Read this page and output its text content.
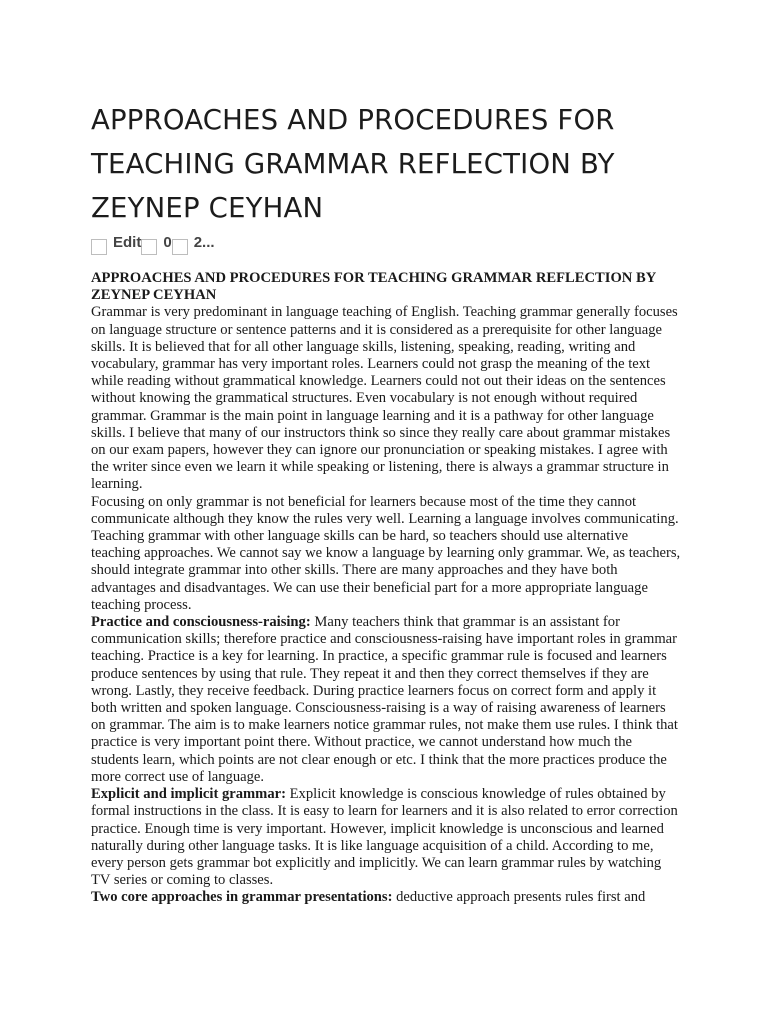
APPROACHES AND PROCEDURES FOR TEACHING GRAMMAR REFLECTION BY ZEYNEP CEYHAN
Edit 0 2...

APPROACHES AND PROCEDURES FOR TEACHING GRAMMAR REFLECTION BY ZEYNEP CEYHAN

Grammar is very predominant in language teaching of English. Teaching grammar generally focuses on language structure or sentence patterns and it is considered as a prerequisite for other language skills. It is believed that for all other language skills, listening, speaking, reading, writing and vocabulary, grammar has very important roles. Learners could not grasp the meaning of the text while reading without grammatical knowledge. Learners could not out their ideas on the sentences without knowing the grammatical structures. Even vocabulary is not enough without required grammar. Grammar is the main point in language learning and it is a pathway for other language skills. I believe that many of our instructors think so since they really care about grammar mistakes on our exam papers, however they can ignore our pronunciation or speaking mistakes. I agree with the writer since even we learn it while speaking or listening, there is always a grammar structure in learning.

Focusing on only grammar is not beneficial for learners because most of the time they cannot communicate although they know the rules very well. Learning a language involves communicating. Teaching grammar with other language skills can be hard, so teachers should use alternative teaching approaches. We cannot say we know a language by learning only grammar. We, as teachers, should integrate grammar into other skills. There are many approaches and they have both advantages and disadvantages. We can use their beneficial part for a more appropriate language teaching process.

Practice and consciousness-raising: Many teachers think that grammar is an assistant for communication skills; therefore practice and consciousness-raising have important roles in grammar teaching. Practice is a key for learning. In practice, a specific grammar rule is focused and learners produce sentences by using that rule. They repeat it and then they correct themselves if they are wrong. Lastly, they receive feedback. During practice learners focus on correct form and apply it both written and spoken language. Consciousness-raising is a way of raising awareness of learners on grammar. The aim is to make learners notice grammar rules, not make them use rules. I think that practice is very important point there. Without practice, we cannot understand how much the students learn, which points are not clear enough or etc. I think that the more practices produce the more correct use of language.

Explicit and implicit grammar: Explicit knowledge is conscious knowledge of rules obtained by formal instructions in the class. It is easy to learn for learners and it is also related to error correction practice. Enough time is very important. However, implicit knowledge is unconscious and learned naturally during other language tasks. It is like language acquisition of a child. According to me, every person gets grammar bot explicitly and implicitly. We can learn grammar rules by watching TV series or coming to classes.

Two core approaches in grammar presentations: deductive approach presents rules first and
